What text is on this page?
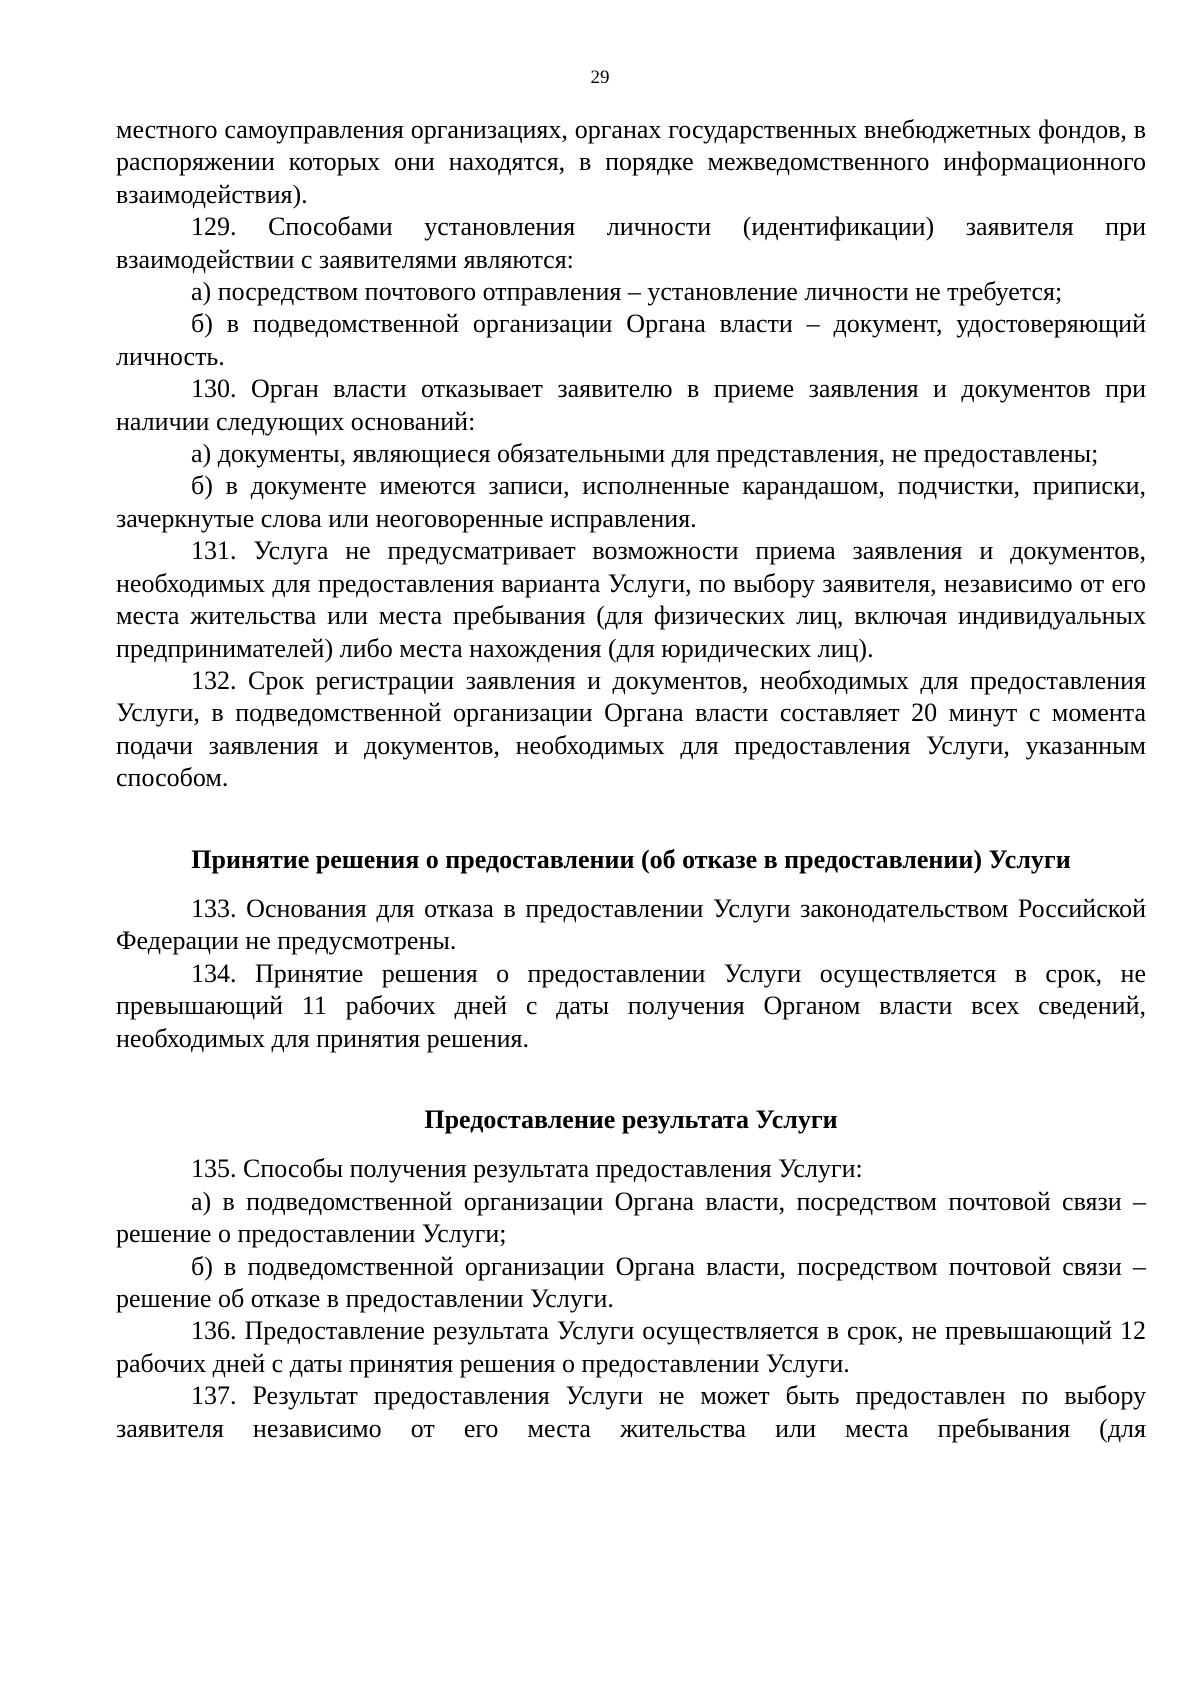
29

местного самоуправления организациях, органах государственных внебюджетных фондов, в распоряжении которых они находятся, в порядке межведомственного информационного взаимодействия).

129. Способами установления личности (идентификации) заявителя при взаимодействии с заявителями являются:

а) посредством почтового отправления – установление личности не требуется;

б) в подведомственной организации Органа власти – документ, удостоверяющий личность.

130. Орган власти отказывает заявителю в приеме заявления и документов при наличии следующих оснований:

а) документы, являющиеся обязательными для представления, не предоставлены;

б) в документе имеются записи, исполненные карандашом, подчистки, приписки, зачеркнутые слова или неоговоренные исправления.

131. Услуга не предусматривает возможности приема заявления и документов, необходимых для предоставления варианта Услуги, по выбору заявителя, независимо от его места жительства или места пребывания (для физических лиц, включая индивидуальных предпринимателей) либо места нахождения (для юридических лиц).

132. Срок регистрации заявления и документов, необходимых для предоставления Услуги, в подведомственной организации Органа власти составляет 20 минут с момента подачи заявления и документов, необходимых для предоставления Услуги, указанным способом.

Принятие решения о предоставлении (об отказе в предоставлении) Услуги

133. Основания для отказа в предоставлении Услуги законодательством Российской Федерации не предусмотрены.

134. Принятие решения о предоставлении Услуги осуществляется в срок, не превышающий 11 рабочих дней с даты получения Органом власти всех сведений, необходимых для принятия решения.

Предоставление результата Услуги

135. Способы получения результата предоставления Услуги:

а) в подведомственной организации Органа власти, посредством почтовой связи – решение о предоставлении Услуги;

б) в подведомственной организации Органа власти, посредством почтовой связи – решение об отказе в предоставлении Услуги.

136. Предоставление результата Услуги осуществляется в срок, не превышающий 12 рабочих дней с даты принятия решения о предоставлении Услуги.

137. Результат предоставления Услуги не может быть предоставлен по выбору заявителя независимо от его места жительства или места пребывания (для
